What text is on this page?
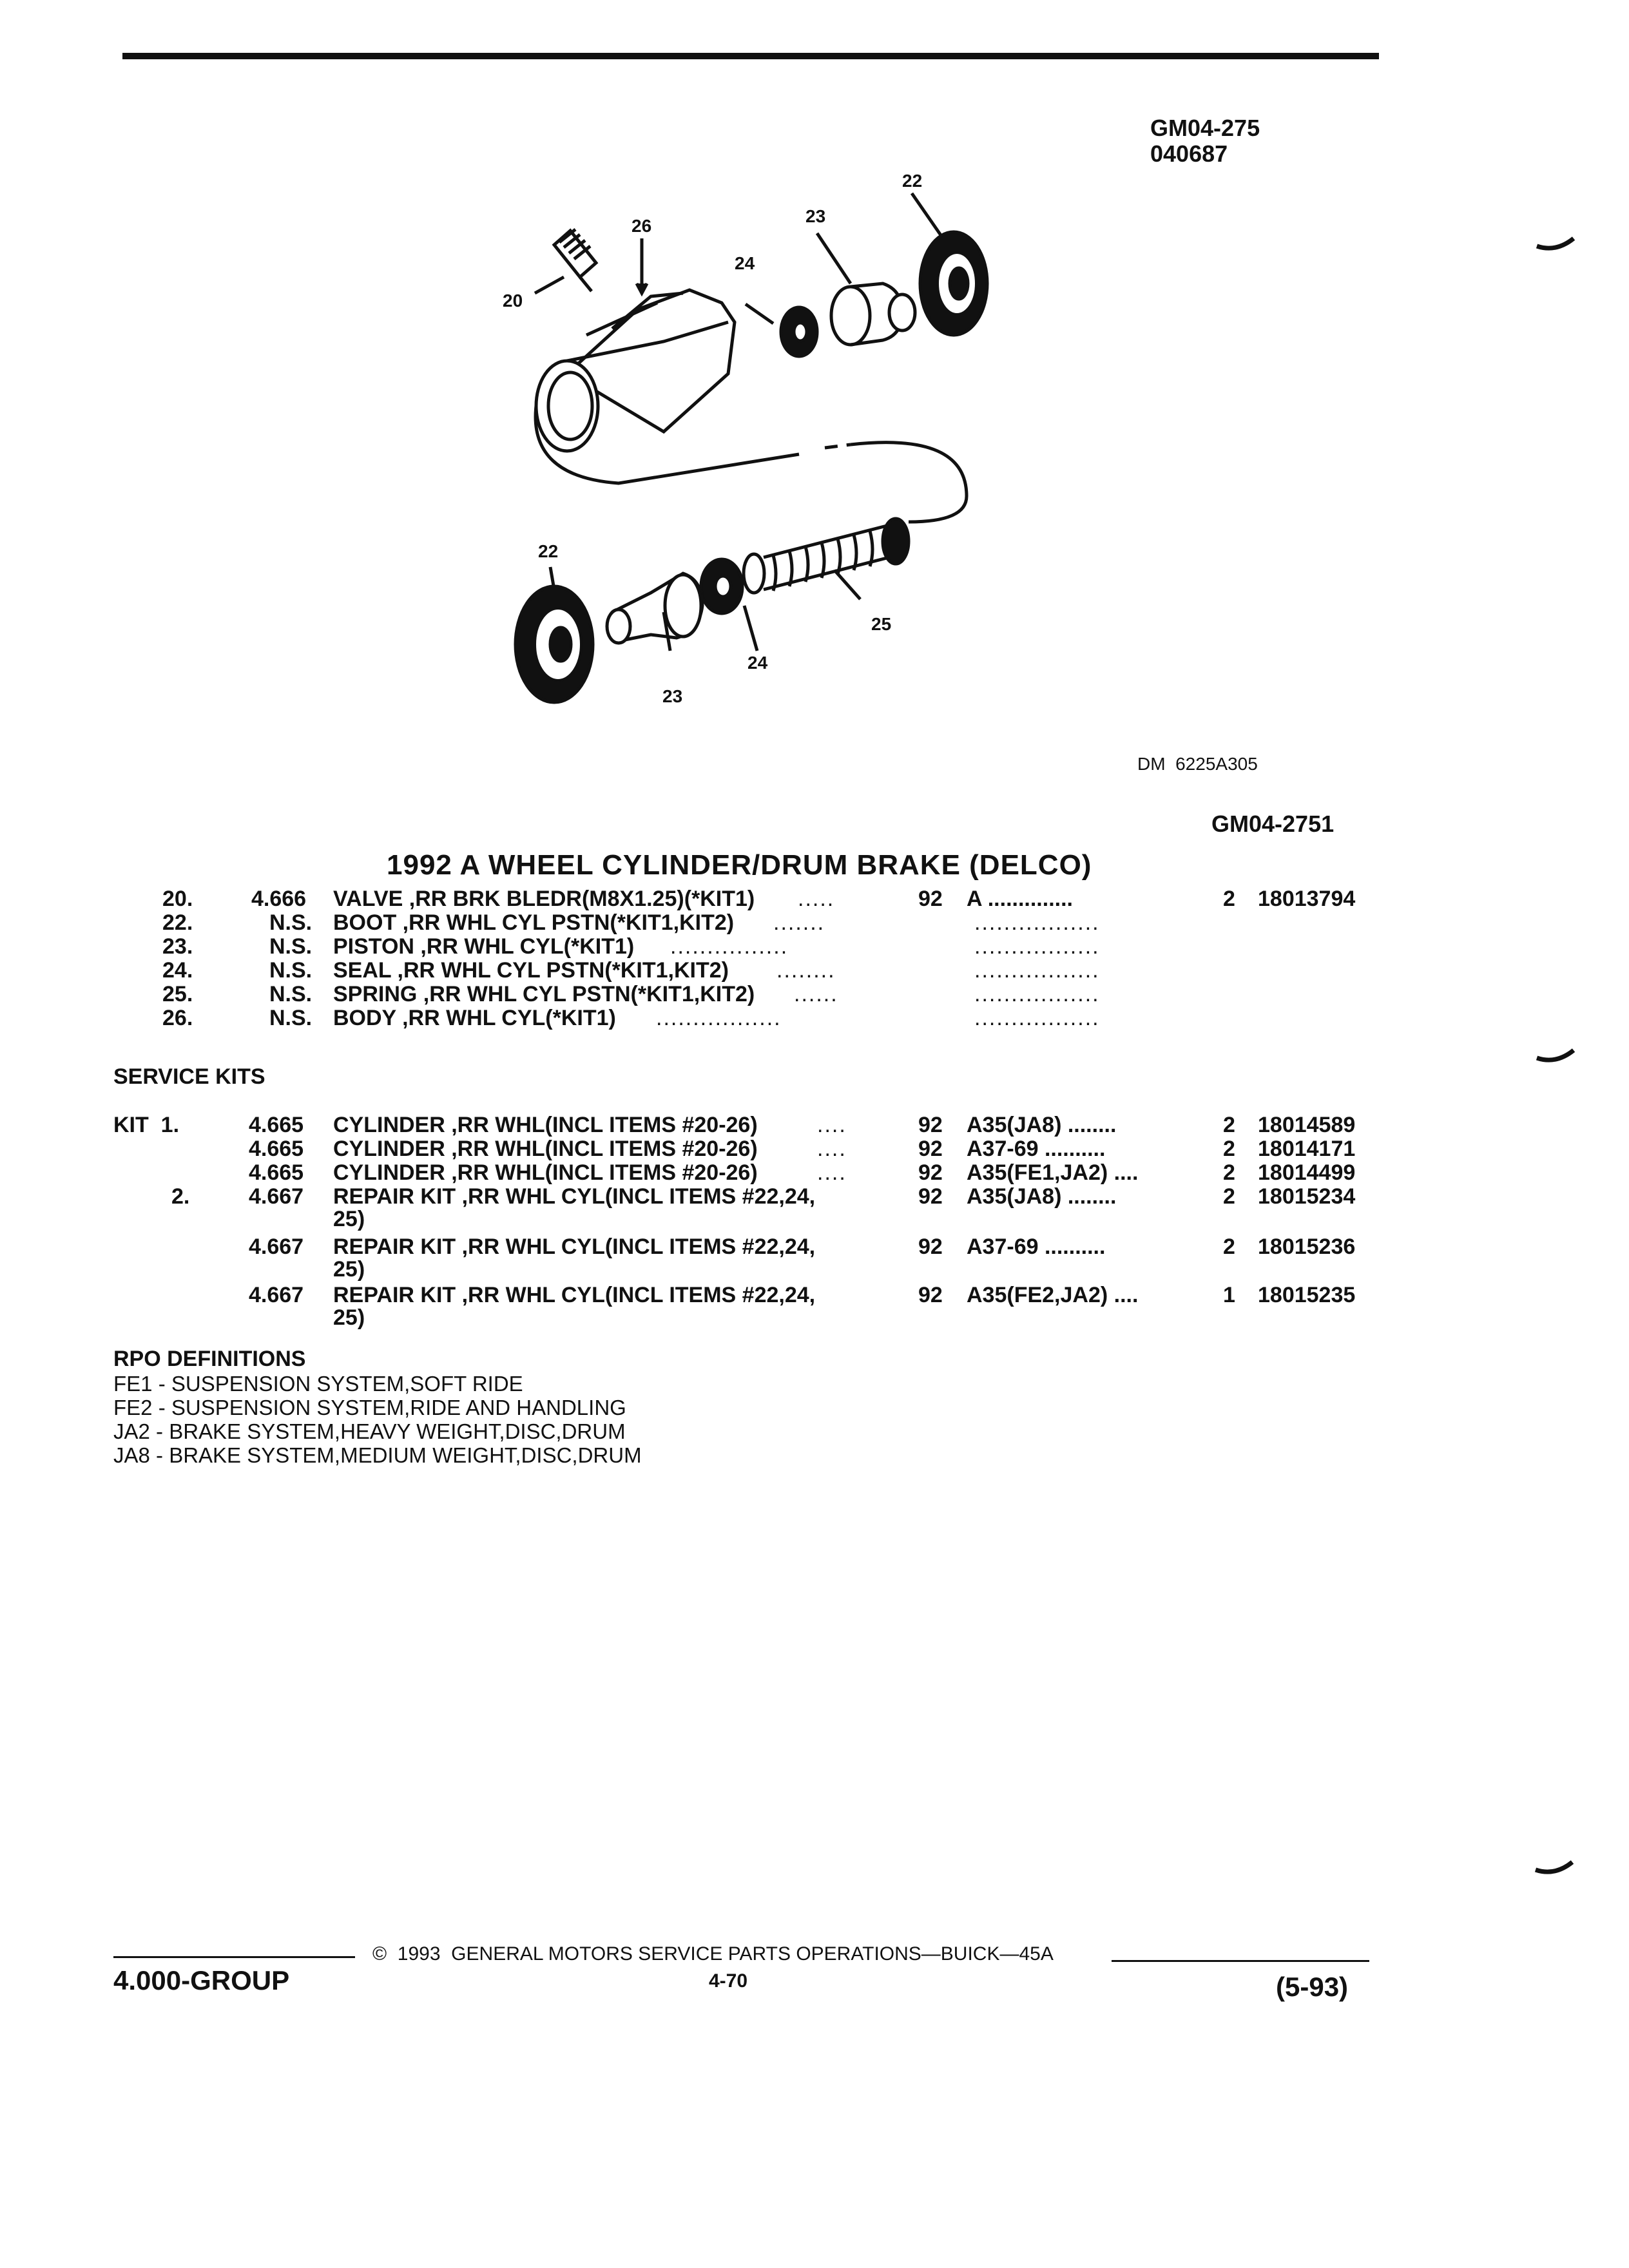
GM04-275
040687
20
26
24
23
22
22
23
24
25
DM  6225A305
GM04-2751
1992 A WHEEL CYLINDER/DRUM BRAKE (DELCO)
20.	4.666 VALVE ,RR BRK BLEDR(M8X1.25)(*KIT1) .....	92 A ..............	2 18013794
22.	N.S. BOOT ,RR WHL CYL PSTN(*KIT1,KIT2) .......	.................
23.	N.S. PISTON ,RR WHL CYL(*KIT1) ................	.................
24.	N.S. SEAL ,RR WHL CYL PSTN(*KIT1,KIT2) ........	.................
25.	N.S. SPRING ,RR WHL CYL PSTN(*KIT1,KIT2) ......	.................
26.	N.S. BODY ,RR WHL CYL(*KIT1) .................	.................
SERVICE KITS
KIT  1.	4.665 CYLINDER ,RR WHL(INCL ITEMS #20-26)	....	92 A35(JA8) ........	2 18014589
4.665 CYLINDER ,RR WHL(INCL ITEMS #20-26)	....	92 A37-69 ..........	2 18014171
4.665 CYLINDER ,RR WHL(INCL ITEMS #20-26)	....	92 A35(FE1,JA2) ....	2 18014499
2.	4.667 REPAIR KIT ,RR WHL CYL(INCL ITEMS #22,24,	92 A35(JA8) ........	2 18015234
25)
4.667 REPAIR KIT ,RR WHL CYL(INCL ITEMS #22,24,	92 A37-69 ..........	2 18015236
25)
4.667 REPAIR KIT ,RR WHL CYL(INCL ITEMS #22,24,	92 A35(FE2,JA2) ....	1 18015235
25)
RPO DEFINITIONS
FE1 - SUSPENSION SYSTEM,SOFT RIDE
FE2 - SUSPENSION SYSTEM,RIDE AND HANDLING
JA2 - BRAKE SYSTEM,HEAVY WEIGHT,DISC,DRUM
JA8 - BRAKE SYSTEM,MEDIUM WEIGHT,DISC,DRUM
©  1993  GENERAL MOTORS SERVICE PARTS OPERATIONS—BUICK—45A
4.000-GROUP	4-70	(5-93)
